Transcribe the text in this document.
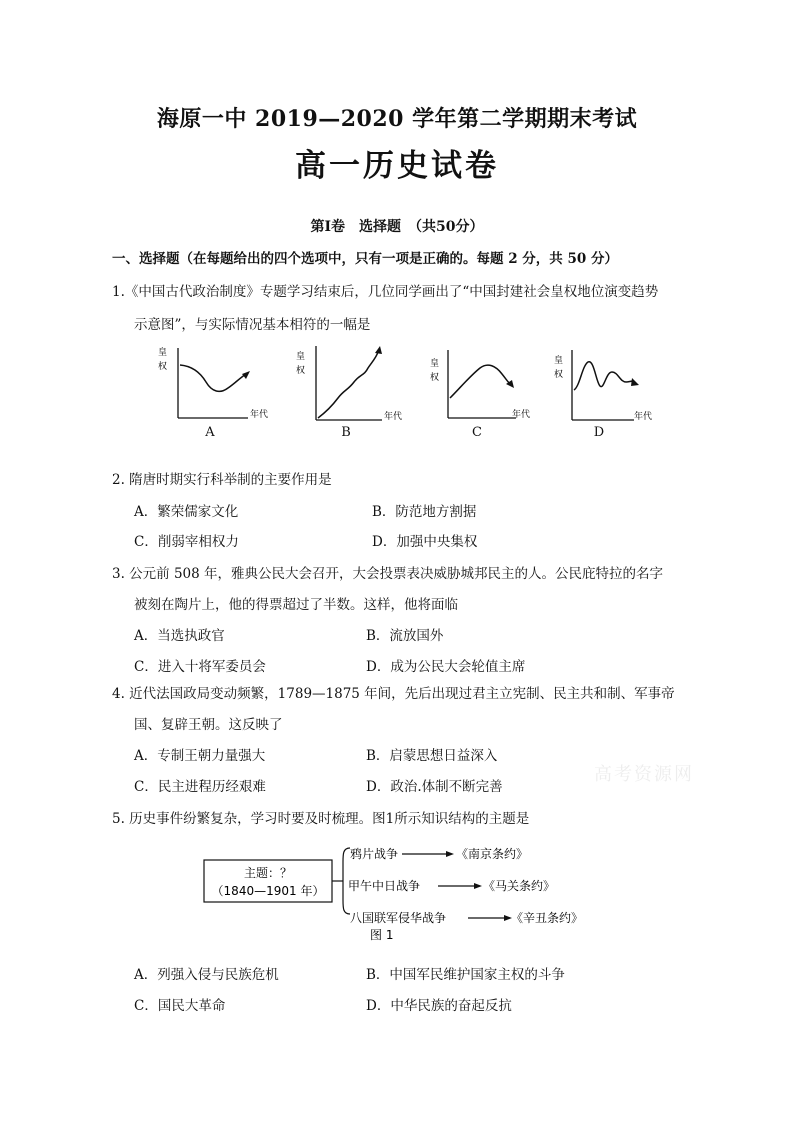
海原一中 2019—2020 学年第二学期期末考试
高一历史试卷
第Ⅰ卷　选择题　（共50分）
一、选择题（在每题给出的四个选项中，只有一项是正确的。每题 2 分，共 50 分）
1.《中国古代政治制度》专题学习结束后，几位同学画出了“中国封建社会皇权地位演变趋势
示意图”，与实际情况基本相符的一幅是
皇
权
年代
A
皇
权
年代
B
皇
权
年代
C
皇
权
年代
D
2. 隋唐时期实行科举制的主要作用是
A．繁荣儒家文化	B．防范地方割据
C．削弱宰相权力	D．加强中央集权
3. 公元前 508 年，雅典公民大会召开，大会投票表决威胁城邦民主的人。公民庇特拉的名字
被刻在陶片上，他的得票超过了半数。这样，他将面临
A．当选执政官	B．流放国外
C．进入十将军委员会	D．成为公民大会轮值主席
4. 近代法国政局变动频繁，1789—1875 年间，先后出现过君主立宪制、民主共和制、军事帝
国、复辟王朝。这反映了
A．专制王朝力量强大	B．启蒙思想日益深入
C．民主进程历经艰难	D．政治.体制不断完善
高考资源网
5. 历史事件纷繁复杂，学习时要及时梳理。图1所示知识结构的主题是
主题：？
（1840—1901 年）
鸦片战争	《南京条约》
甲午中日战争	《马关条约》
八国联军侵华战争	《辛丑条约》
图 1
A．列强入侵与民族危机	B．中国军民维护国家主权的斗争
C．国民大革命	D．中华民族的奋起反抗
